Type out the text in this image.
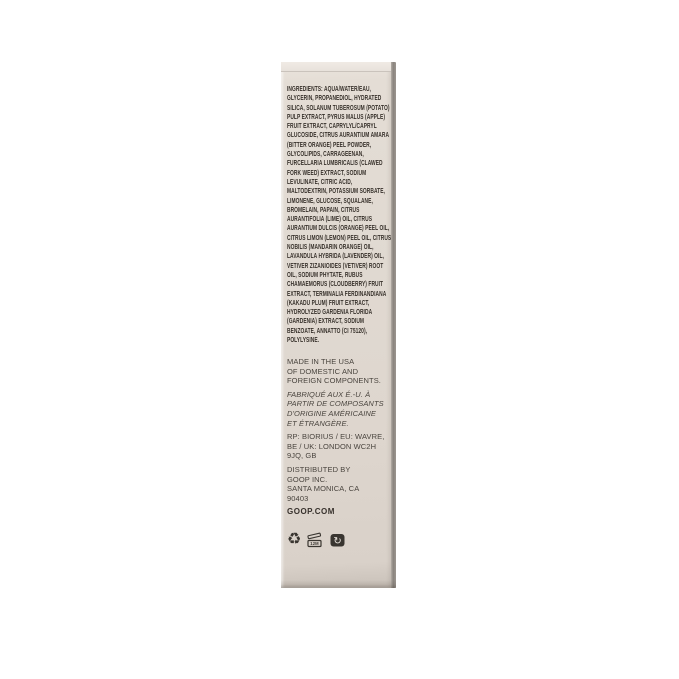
INGREDIENTS: AQUA/WATER/EAU, GLYCERIN, PROPANEDIOL, HYDRATED SILICA, SOLANUM TUBEROSUM (POTATO) PULP EXTRACT, PYRUS MALUS (APPLE) FRUIT EXTRACT, CAPRYLYL/CAPRYL GLUCOSIDE, CITRUS AURANTIUM AMARA (BITTER ORANGE) PEEL POWDER, GLYCOLIPIDS, CARRAGEENAN, FURCELLARIA LUMBRICALIS (CLAWED FORK WEED) EXTRACT, SODIUM LEVULINATE, CITRIC ACID, MALTODEXTRIN, POTASSIUM SORBATE, LIMONENE, GLUCOSE, SQUALANE, BROMELAIN, PAPAIN, CITRUS AURANTIFOLIA (LIME) OIL, CITRUS AURANTIUM DULCIS (ORANGE) PEEL OIL, CITRUS LIMON (LEMON) PEEL OIL, CITRUS NOBILIS (MANDARIN ORANGE) OIL, LAVANDULA HYBRIDA (LAVENDER) OIL, VETIVER ZIZANIOIDES (VETIVER) ROOT OIL, SODIUM PHYTATE, RUBUS CHAMAEMORUS (CLOUDBERRY) FRUIT EXTRACT, TERMINALIA FERDINANDIANA (KAKADU PLUM) FRUIT EXTRACT, HYDROLYZED GARDENIA FLORIDA (GARDENIA) EXTRACT, SODIUM BENZOATE, ANNATTO (CI 75120), POLYLYSINE.

MADE IN THE USA
OF DOMESTIC AND
FOREIGN COMPONENTS.

FABRIQUÉ AUX É.-U. À
PARTIR DE COMPOSANTS
D'ORIGINE AMÉRICAINE
ET ÉTRANGÈRE.

RP: BIORIUS / EU: WAVRE,
BE / UK: LONDON WC2H
9JQ, GB

DISTRIBUTED BY
GOOP INC.
SANTA MONICA, CA
90403

GOOP.COM

♻ 12M ↻
